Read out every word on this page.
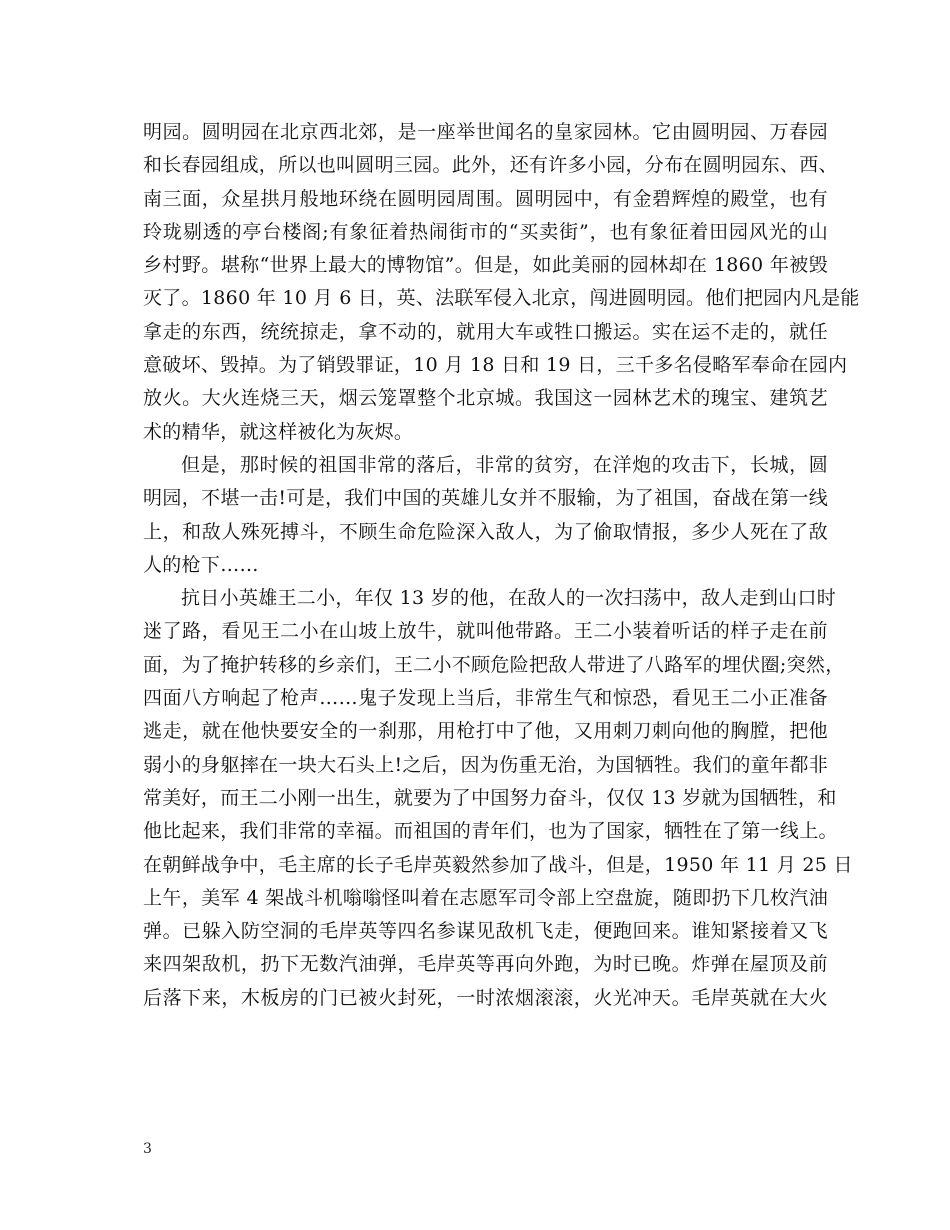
明园。圆明园在北京西北郊，是一座举世闻名的皇家园林。它由圆明园、万春园
和长春园组成，所以也叫圆明三园。此外，还有许多小园，分布在圆明园东、西、
南三面，众星拱月般地环绕在圆明园周围。圆明园中，有金碧辉煌的殿堂，也有
玲珑剔透的亭台楼阁;有象征着热闹街市的“买卖街”，也有象征着田园风光的山
乡村野。堪称“世界上最大的博物馆”。但是，如此美丽的园林却在 1860 年被毁
灭了。1860 年 10 月 6 日，英、法联军侵入北京，闯进圆明园。他们把园内凡是能
拿走的东西，统统掠走，拿不动的，就用大车或牲口搬运。实在运不走的，就任
意破坏、毁掉。为了销毁罪证，10 月 18 日和 19 日，三千多名侵略军奉命在园内
放火。大火连烧三天，烟云笼罩整个北京城。我国这一园林艺术的瑰宝、建筑艺
术的精华，就这样被化为灰烬。
但是，那时候的祖国非常的落后，非常的贫穷，在洋炮的攻击下，长城，圆
明园，不堪一击!可是，我们中国的英雄儿女并不服输，为了祖国，奋战在第一线
上，和敌人殊死搏斗，不顾生命危险深入敌人，为了偷取情报，多少人死在了敌
人的枪下……
抗日小英雄王二小，年仅 13 岁的他，在敌人的一次扫荡中，敌人走到山口时
迷了路，看见王二小在山坡上放牛，就叫他带路。王二小装着听话的样子走在前
面，为了掩护转移的乡亲们，王二小不顾危险把敌人带进了八路军的埋伏圈;突然，
四面八方响起了枪声……鬼子发现上当后，非常生气和惊恐，看见王二小正准备
逃走，就在他快要安全的一刹那，用枪打中了他，又用刺刀刺向他的胸膛，把他
弱小的身躯摔在一块大石头上!之后，因为伤重无治，为国牺牲。我们的童年都非
常美好，而王二小刚一出生，就要为了中国努力奋斗，仅仅 13 岁就为国牺牲，和
他比起来，我们非常的幸福。而祖国的青年们，也为了国家，牺牲在了第一线上。
在朝鲜战争中，毛主席的长子毛岸英毅然参加了战斗，但是，1950 年 11 月 25 日
上午，美军 4 架战斗机嗡嗡怪叫着在志愿军司令部上空盘旋，随即扔下几枚汽油
弹。已躲入防空洞的毛岸英等四名参谋见敌机飞走，便跑回来。谁知紧接着又飞
来四架敌机，扔下无数汽油弹，毛岸英等再向外跑，为时已晚。炸弹在屋顶及前
后落下来，木板房的门已被火封死，一时浓烟滚滚，火光冲天。毛岸英就在大火
3
